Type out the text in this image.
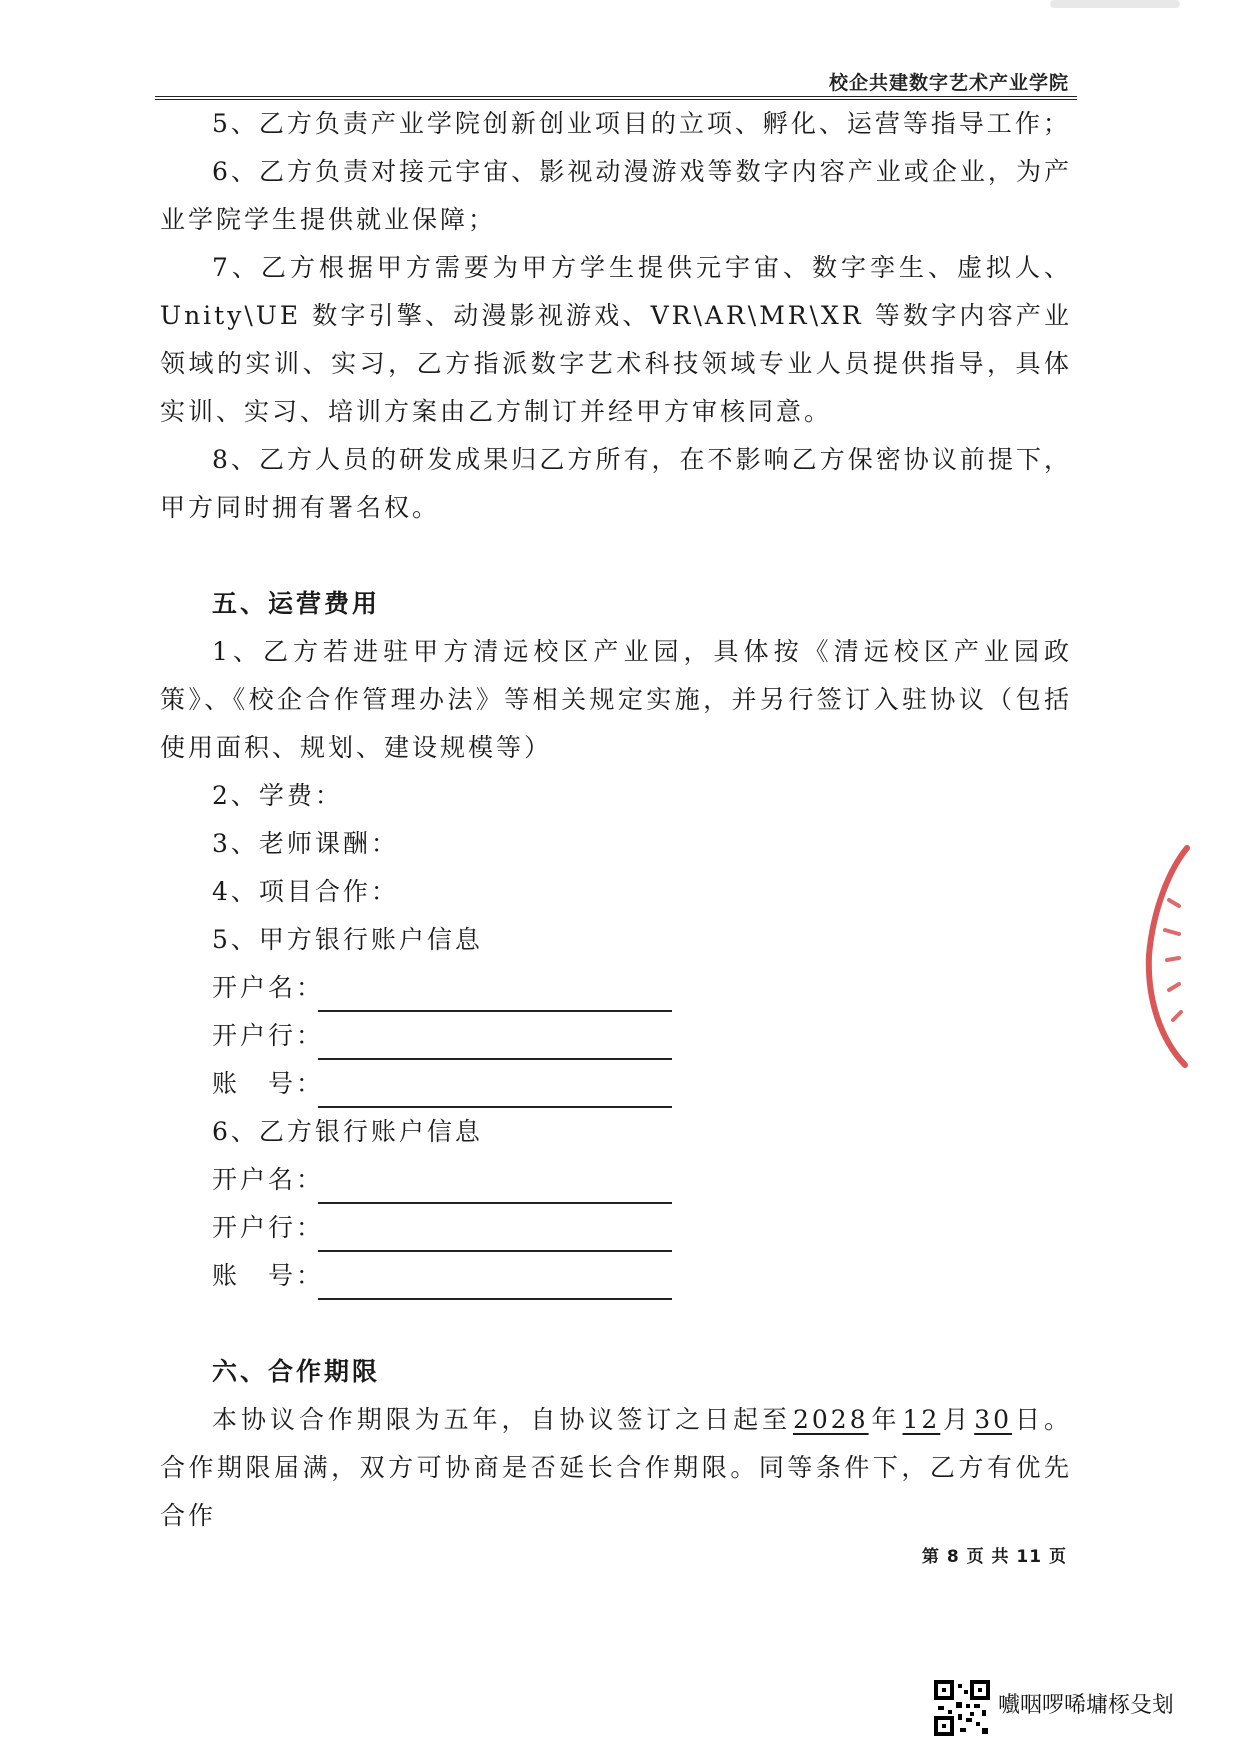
校企共建数字艺术产业学院

5、乙方负责产业学院创新创业项目的立项、孵化、运营等指导工作；

6、乙方负责对接元宇宙、影视动漫游戏等数字内容产业或企业，为产业学院学生提供就业保障；

7、乙方根据甲方需要为甲方学生提供元宇宙、数字孪生、虚拟人、Unity\UE 数字引擎、动漫影视游戏、VR\AR\MR\XR 等数字内容产业领域的实训、实习，乙方指派数字艺术科技领域专业人员提供指导，具体实训、实习、培训方案由乙方制订并经甲方审核同意。

8、乙方人员的研发成果归乙方所有，在不影响乙方保密协议前提下，甲方同时拥有署名权。

五、运营费用

1、乙方若进驻甲方清远校区产业园，具体按《清远校区产业园政策》、《校企合作管理办法》等相关规定实施，并另行签订入驻协议（包括使用面积、规划、建设规模等）

2、学费：

3、老师课酬：

4、项目合作：

5、甲方银行账户信息

开户名：
开户行：
账　号：

6、乙方银行账户信息

开户名：
开户行：
账　号：

六、合作期限

本协议合作期限为五年，自协议签订之日起至2028年12月30日。合作期限届满，双方可协商是否延长合作期限。同等条件下，乙方有优先合作

第 8 页 共 11 页
嚱咽啰唏墉㭬殳刬
